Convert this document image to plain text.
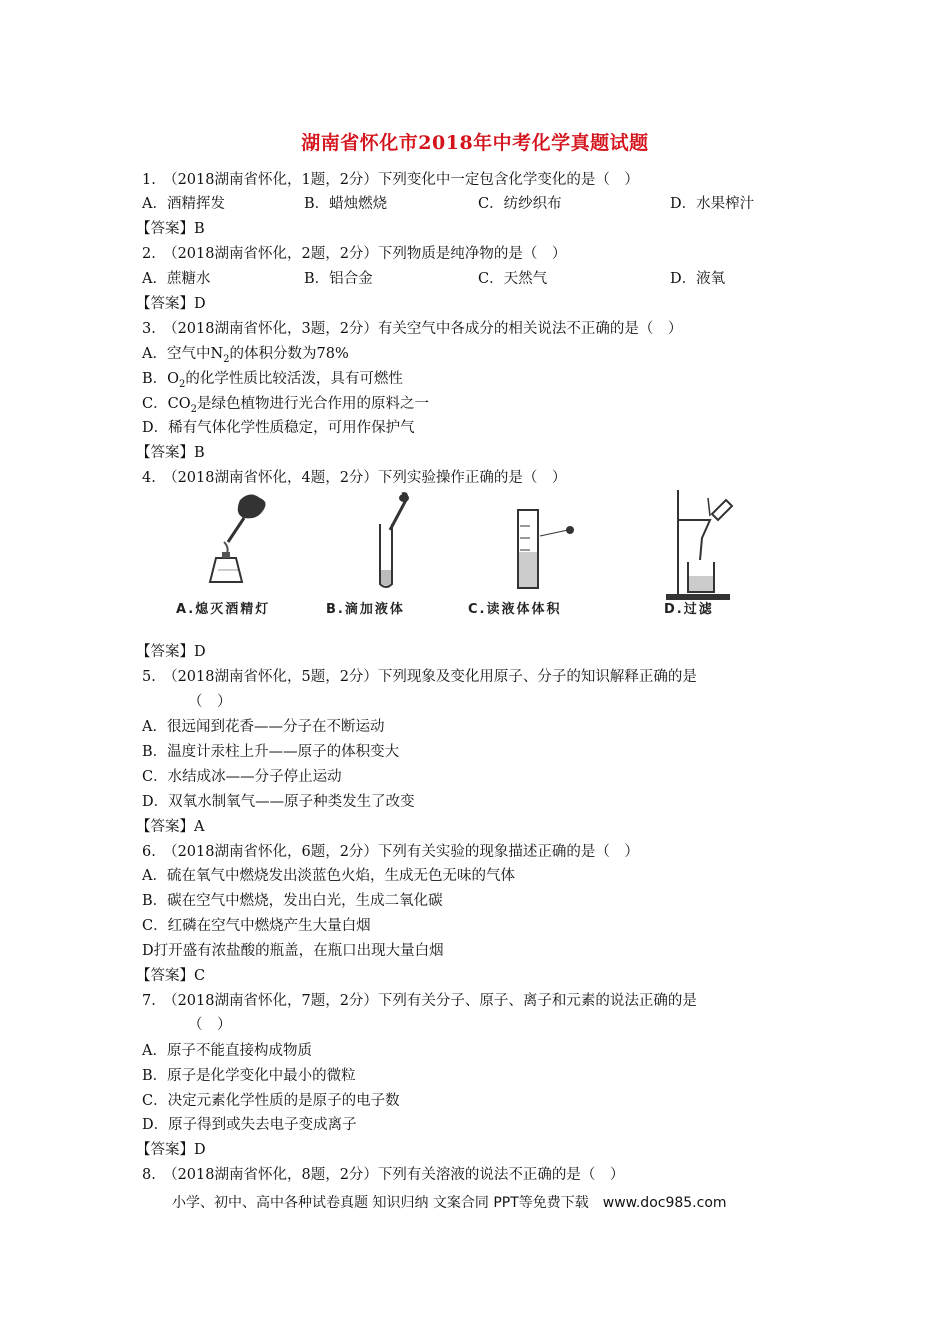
湖南省怀化市2018年中考化学真题试题
1.　（2018湖南省怀化，1题，2分）下列变化中一定包含化学变化的是（　）
A．酒精挥发	B．蜡烛燃烧	C．纺纱织布	D．水果榨汁
【答案】B
2.　（2018湖南省怀化，2题，2分）下列物质是纯净物的是（　）
A．蔗糖水	B．铝合金	C．天然气	D．液氧
【答案】D
3.　（2018湖南省怀化，3题，2分）有关空气中各成分的相关说法不正确的是（　）
A．空气中$N_2$的体积分数为78%
B．$O_2$的化学性质比较活泼，具有可燃性
C．$CO_2$是绿色植物进行光合作用的原料之一
D．稀有气体化学性质稳定，可用作保护气
【答案】B
4.　（2018湖南省怀化，4题，2分）下列实验操作正确的是（　）
A.熄灭酒精灯	B.滴加液体	C.读液体体积	D.过滤
【答案】D
5.　（2018湖南省怀化，5题，2分）下列现象及变化用原子、分子的知识解释正确的是
（　）
A．很远闻到花香——分子在不断运动
B．温度计汞柱上升——原子的体积变大
C．水结成冰——分子停止运动
D．双氧水制氧气——原子种类发生了改变
【答案】A
6.　（2018湖南省怀化，6题，2分）下列有关实验的现象描述正确的是（　）
A．硫在氧气中燃烧发出淡蓝色火焰，生成无色无味的气体
B．碳在空气中燃烧，发出白光，生成二氧化碳
C．红磷在空气中燃烧产生大量白烟
D打开盛有浓盐酸的瓶盖，在瓶口出现大量白烟
【答案】C
7.　（2018湖南省怀化，7题，2分）下列有关分子、原子、离子和元素的说法正确的是
（　）
A．原子不能直接构成物质
B．原子是化学变化中最小的微粒
C．决定元素化学性质的是原子的电子数
D．原子得到或失去电子变成离子
【答案】D
8.　（2018湖南省怀化，8题，2分）下列有关溶液的说法不正确的是（　）
小学、初中、高中各种试卷真题 知识归纳 文案合同 PPT等免费下载　www.doc985.com
